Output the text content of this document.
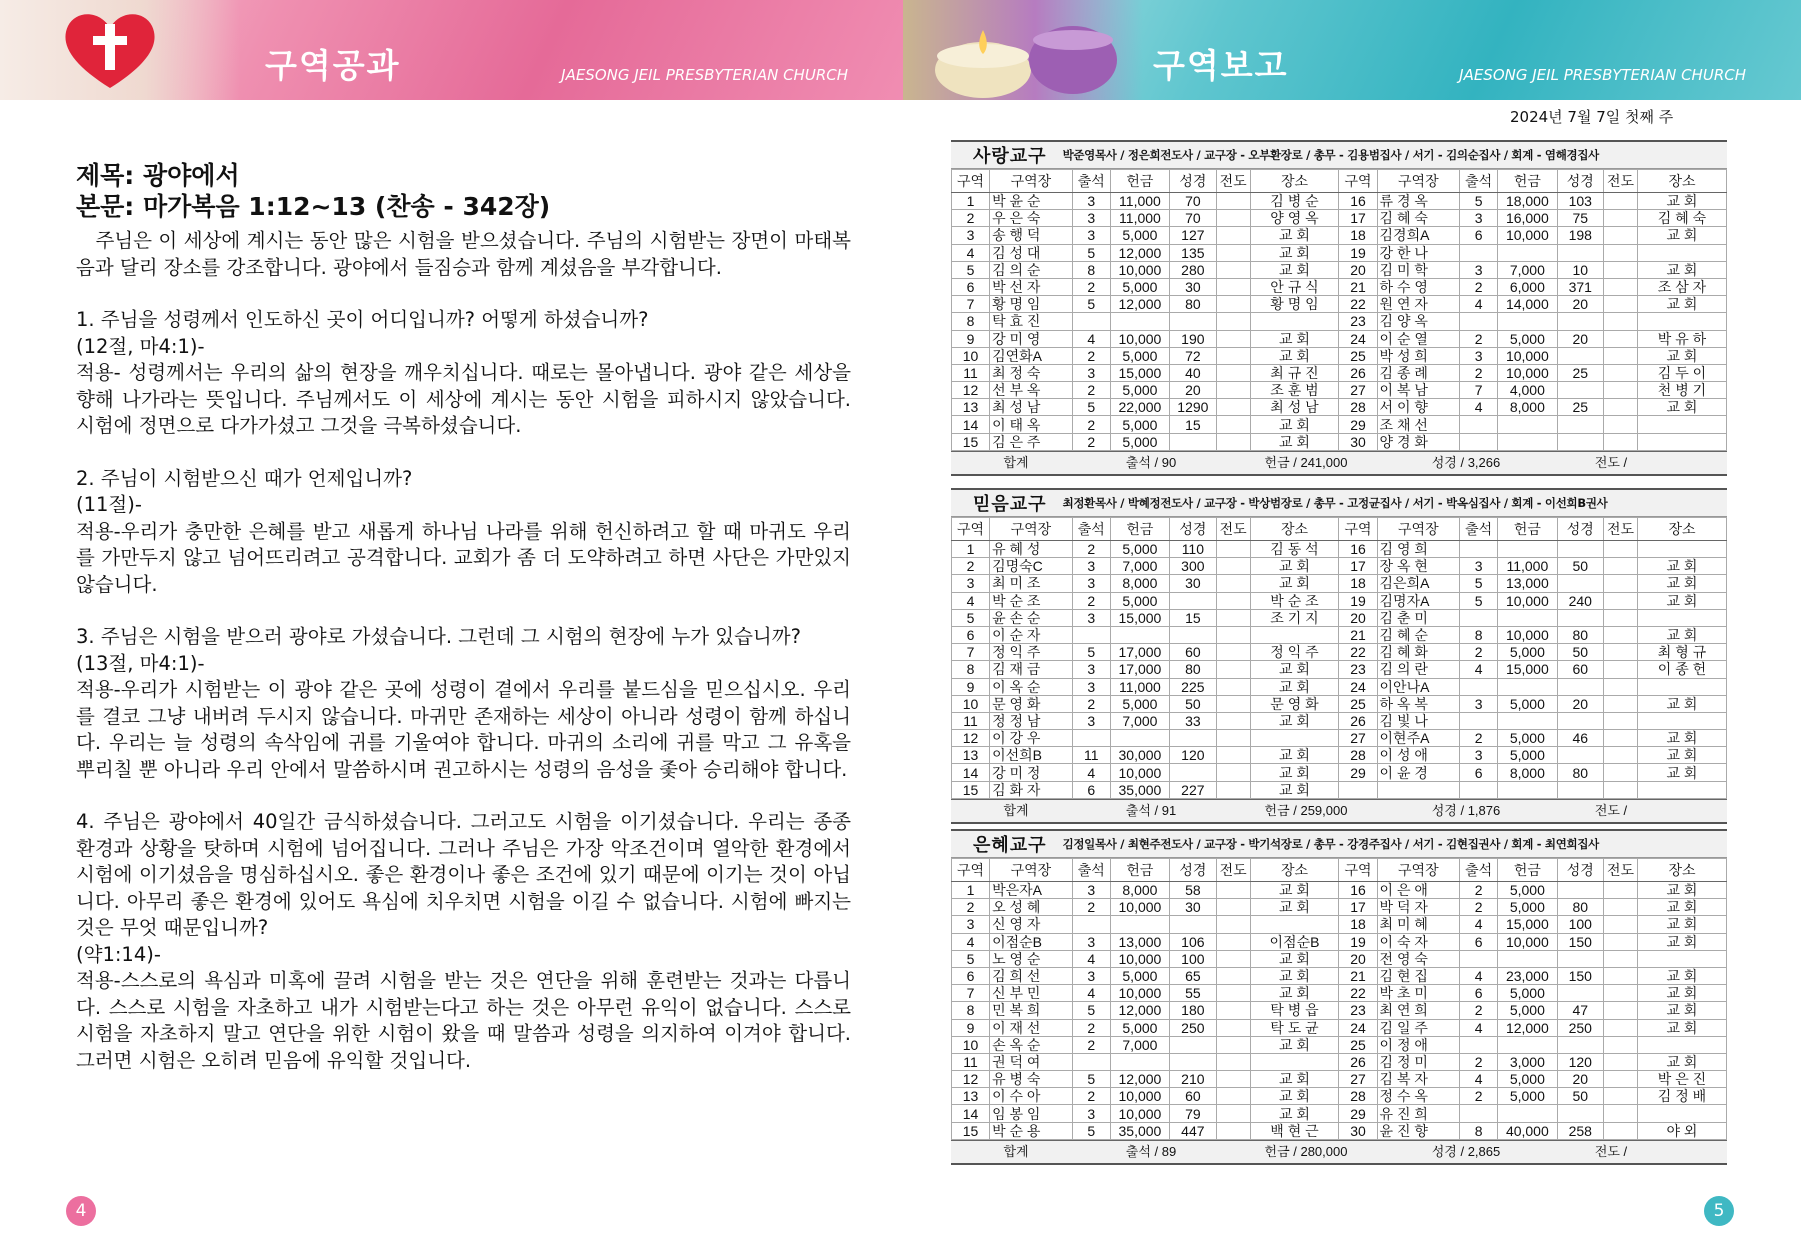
구역공과	JAESONG JEIL PRESBYTERIAN CHURCH	구역보고	JAESONG JEIL PRESBYTERIAN CHURCH
제목: 광야에서
본문: 마가복음 1:12~13 (찬송 - 342장)

주님은 이 세상에 계시는 동안 많은 시험을 받으셨습니다. 주님의 시험받는 장면이 마태복음과 달리 장소를 강조합니다. 광야에서 들짐승과 함께 계셨음을 부각합니다.

1. 주님을 성령께서 인도하신 곳이 어디입니까? 어떻게 하셨습니까?

(12절, 마4:1)-

적용- 성령께서는 우리의 삶의 현장을 깨우치십니다. 때로는 몰아냅니다. 광야 같은 세상을 향해 나가라는 뜻입니다. 주님께서도 이 세상에 계시는 동안 시험을 피하시지 않았습니다. 시험에 정면으로 다가가셨고 그것을 극복하셨습니다.

2. 주님이 시험받으신 때가 언제입니까?

(11절)-

적용-우리가 충만한 은혜를 받고 새롭게 하나님 나라를 위해 헌신하려고 할 때 마귀도 우리를 가만두지 않고 넘어뜨리려고 공격합니다. 교회가 좀 더 도약하려고 하면 사단은 가만있지 않습니다.

3. 주님은 시험을 받으러 광야로 가셨습니다. 그런데 그 시험의 현장에 누가 있습니까?

(13절, 마4:1)-

적용-우리가 시험받는 이 광야 같은 곳에 성령이 곁에서 우리를 붙드심을 믿으십시오. 우리를 결코 그냥 내버려 두시지 않습니다. 마귀만 존재하는 세상이 아니라 성령이 함께 하십니다. 우리는 늘 성령의 속삭임에 귀를 기울여야 합니다. 마귀의 소리에 귀를 막고 그 유혹을 뿌리칠 뿐 아니라 우리 안에서 말씀하시며 권고하시는 성령의 음성을 좇아 승리해야 합니다.

4. 주님은 광야에서 40일간 금식하셨습니다. 그러고도 시험을 이기셨습니다. 우리는 종종 환경과 상황을 탓하며 시험에 넘어집니다. 그러나 주님은 가장 악조건이며 열악한 환경에서 시험에 이기셨음을 명심하십시오. 좋은 환경이나 좋은 조건에 있기 때문에 이기는 것이 아닙니다. 아무리 좋은 환경에 있어도 욕심에 치우치면 시험을 이길 수 없습니다. 시험에 빠지는 것은 무엇 때문입니까?

(약1:14)-

적용-스스로의 욕심과 미혹에 끌려 시험을 받는 것은 연단을 위해 훈련받는 것과는 다릅니다. 스스로 시험을 자초하고 내가 시험받는다고 하는 것은 아무런 유익이 없습니다. 스스로 시험을 자초하지 말고 연단을 위한 시험이 왔을 때 말씀과 성령을 의지하여 이겨야 합니다. 그러면 시험은 오히려 믿음에 유익할 것입니다.

4	5
2024년 7월 7일 첫째 주
사랑교구 박준영목사 / 정은희전도사 / 교구장 - 오부환장로 / 총무 - 김용범집사 / 서기 - 김의순집사 / 회계 - 염해경집사
구역	구역장	출석	헌금	성경	전도	장소	구역	구역장	출석	헌금	성경	전도	장소
1	박 윤 순	3	11,000	70		김 병 순	16	류 경 옥	5	18,000	103		교 회
2	우 은 숙	3	11,000	70		양 영 옥	17	김 혜 숙	3	16,000	75		김 혜 숙
3	송 행 덕	3	5,000	127		교 회	18	김경희A	6	10,000	198		교 회
4	김 성 대	5	12,000	135		교 회	19	강 한 나					
5	김 의 순	8	10,000	280		교 회	20	김 미 학	3	7,000	10		교 회
6	박 선 자	2	5,000	30		안 규 식	21	하 수 영	2	6,000	371		조 삼 자
7	황 명 임	5	12,000	80		황 명 임	22	원 연 자	4	14,000	20		교 회
8	탁 효 진						23	김 양 옥					
9	강 미 영	4	10,000	190		교 회	24	이 순 열	2	5,000	20		박 유 하
10	김연화A	2	5,000	72		교 회	25	박 성 희	3	10,000			교 회
11	최 정 숙	3	15,000	40		최 규 진	26	김 종 례	2	10,000	25		김 두 이
12	선 부 옥	2	5,000	20		조 훈 범	27	이 복 남	7	4,000			천 병 기
13	최 성 남	5	22,000	1290		최 성 남	28	서 이 향	4	8,000	25		교 회
14	이 태 옥	2	5,000	15		교 회	29	조 채 선					
15	김 은 주	2	5,000			교 회	30	양 경 화					
합계	출석 / 90	헌금 / 241,000	성경 / 3,266	전도 /
믿음교구 최정환목사 / 박혜정전도사 / 교구장 - 박상범장로 / 총무 - 고정균집사 / 서기 - 박옥심집사 / 회계 - 이선희B권사
구역	구역장	출석	헌금	성경	전도	장소	구역	구역장	출석	헌금	성경	전도	장소
1	유 혜 성	2	5,000	110		김 동 석	16	김 영 희					
2	김명숙C	3	7,000	300		교 회	17	장 옥 현	3	11,000	50		교 회
3	최 미 조	3	8,000	30		교 회	18	김은희A	5	13,000			교 회
4	박 순 조	2	5,000			박 순 조	19	김명자A	5	10,000	240		교 회
5	윤 손 순	3	15,000	15		조 기 지	20	김 춘 미					
6	이 순 자						21	김 혜 순	8	10,000	80		교 회
7	정 익 주	5	17,000	60		정 익 주	22	김 혜 화	2	5,000	50		최 형 규
8	김 재 금	3	17,000	80		교 회	23	김 의 란	4	15,000	60		이 종 헌
9	이 옥 순	3	11,000	225		교 회	24	이안나A					
10	문 영 화	2	5,000	50		문 영 화	25	하 옥 복	3	5,000	20		교 회
11	정 정 남	3	7,000	33		교 회	26	김 빛 나					
12	이 강 우						27	이현주A	2	5,000	46		교 회
13	이선희B	11	30,000	120		교 회	28	이 성 애	3	5,000			교 회
14	강 미 정	4	10,000			교 회	29	이 윤 경	6	8,000	80		교 회
15	김 화 자	6	35,000	227		교 회							
합계	출석 / 91	헌금 / 259,000	성경 / 1,876	전도 /
은혜교구 김정일목사 / 최현주전도사 / 교구장 - 박기석장로 / 총무 - 강경주집사 / 서기 - 김현집권사 / 회계 - 최연희집사
구역	구역장	출석	헌금	성경	전도	장소	구역	구역장	출석	헌금	성경	전도	장소
1	박은자A	3	8,000	58		교 회	16	이 은 애	2	5,000			교 회
2	오 성 혜	2	10,000	30		교 회	17	박 덕 자	2	5,000	80		교 회
3	신 영 자						18	최 미 혜	4	15,000	100		교 회
4	이점순B	3	13,000	106		이점순B	19	이 숙 자	6	10,000	150		교 회
5	노 영 순	4	10,000	100		교 회	20	전 영 숙					
6	김 희 선	3	5,000	65		교 회	21	김 현 집	4	23,000	150		교 회
7	신 부 민	4	10,000	55		교 회	22	박 초 미	6	5,000			교 회
8	민 복 희	5	12,000	180		탁 병 읍	23	최 연 희	2	5,000	47		교 회
9	이 재 선	2	5,000	250		탁 도 균	24	김 일 주	4	12,000	250		교 회
10	손 옥 순	2	7,000			교 회	25	이 정 애					
11	권 덕 여						26	김 정 미	2	3,000	120		교 회
12	유 병 숙	5	12,000	210		교 회	27	김 복 자	4	5,000	20		박 은 진
13	이 수 아	2	10,000	60		교 회	28	정 수 옥	2	5,000	50		김 정 배
14	임 봉 임	3	10,000	79		교 회	29	유 진 희					
15	박 순 용	5	35,000	447		백 현 근	30	윤 진 향	8	40,000	258		야 외
합계	출석 / 89	헌금 / 280,000	성경 / 2,865	전도 /
